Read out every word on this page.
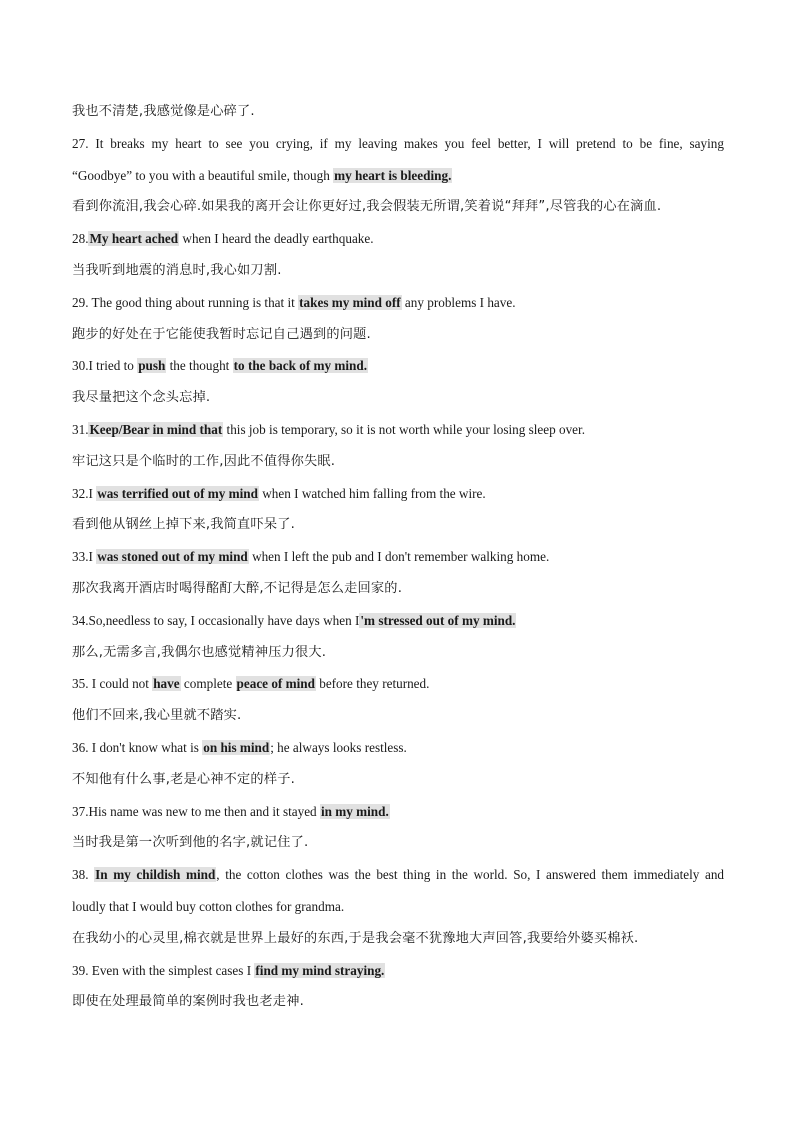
我也不清楚,我感觉像是心碎了.
27. It breaks my heart to see you crying, if my leaving makes you feel better, I will pretend to be fine, saying
“Goodbye” to you with a beautiful smile, though my heart is bleeding.
看到你流泪,我会心碎.如果我的离开会让你更好过,我会假装无所谓,笑着说“拜拜”,尽管我的心在滴血.
28.My heart ached when I heard the deadly earthquake.
当我听到地震的消息时,我心如刀割.
29. The good thing about running is that it takes my mind off any problems I have.
跑步的好处在于它能使我暂时忘记自己遇到的问题.
30.I tried to push the thought to the back of my mind.
我尽量把这个念头忘掉.
31.Keep/Bear in mind that this job is temporary, so it is not worth while your losing sleep over.
牢记这只是个临时的工作,因此不值得你失眠.
32.I was terrified out of my mind when I watched him falling from the wire.
看到他从钢丝上掉下来,我简直吓呆了.
33.I was stoned out of my mind when I left the pub and I don't remember walking home.
那次我离开酒店时喝得酩酊大醉,不记得是怎么走回家的.
34.So,needless to say, I occasionally have days when I'm stressed out of my mind.
那么,无需多言,我偶尔也感觉精神压力很大.
35. I could not have complete peace of mind before they returned.
他们不回来,我心里就不踏实.
36. I don't know what is on his mind; he always looks restless.
不知他有什么事,老是心神不定的样子.
37.His name was new to me then and it stayed in my mind.
当时我是第一次听到他的名字,就记住了.
38. In my childish mind, the cotton clothes was the best thing in the world. So, I answered them immediately and
loudly that I would buy cotton clothes for grandma.
在我幼小的心灵里,棉衣就是世界上最好的东西,于是我会毫不犹豫地大声回答,我要给外婆买棉袄.
39. Even with the simplest cases I find my mind straying.
即使在处理最简单的案例时我也老走神.
